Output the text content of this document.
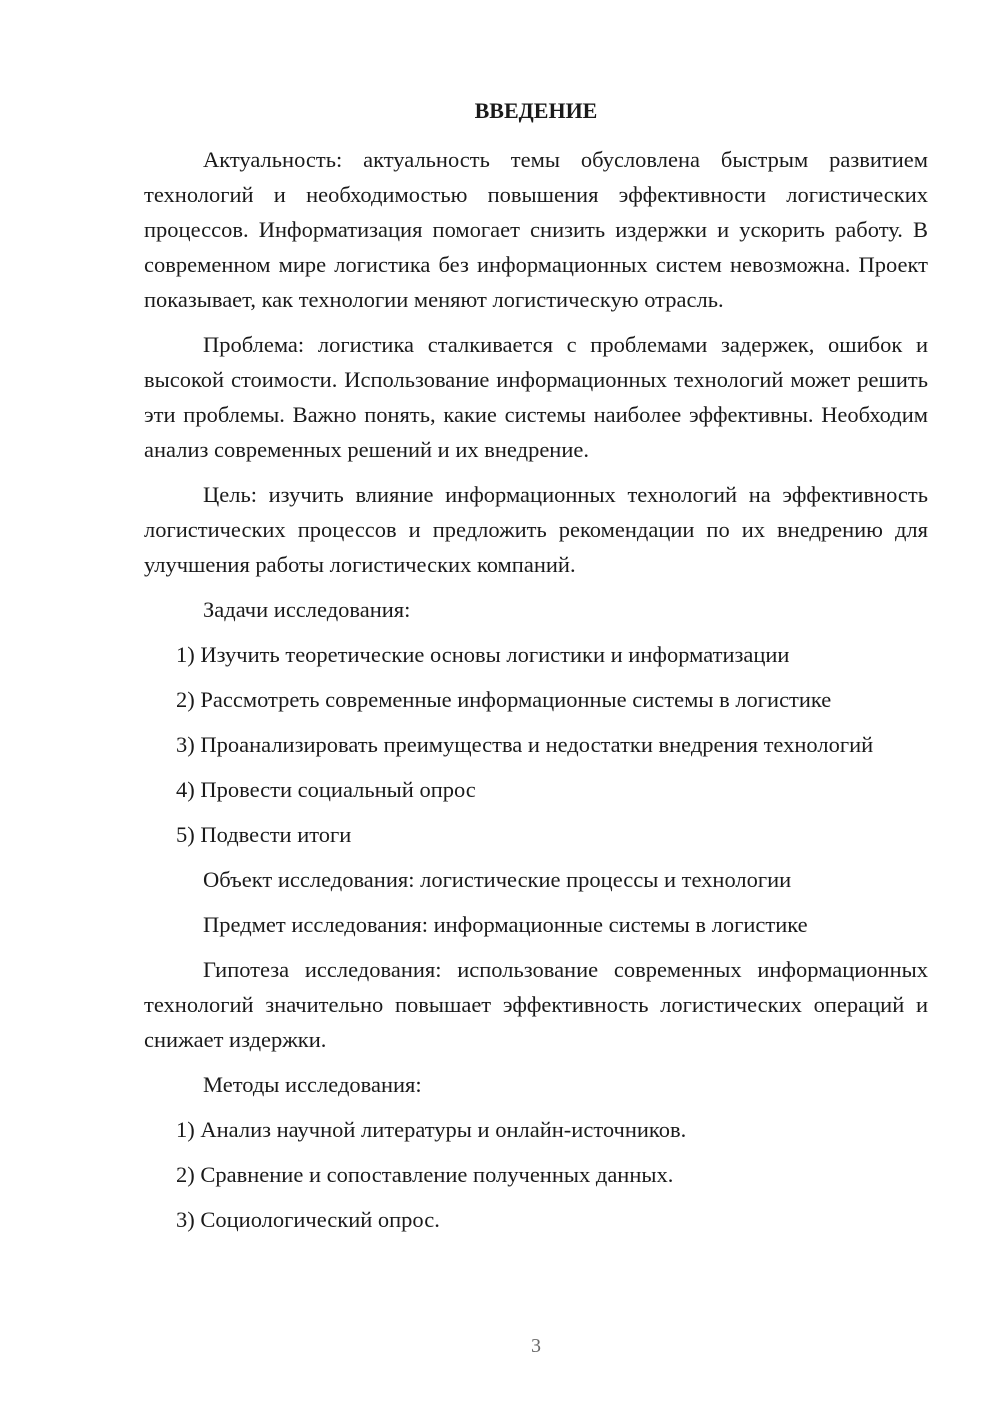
ВВЕДЕНИЕ

Актуальность: актуальность темы обусловлена быстрым развитием технологий и необходимостью повышения эффективности логистических процессов. Информатизация помогает снизить издержки и ускорить работу. В современном мире логистика без информационных систем невозможна. Проект показывает, как технологии меняют логистическую отрасль.

Проблема: логистика сталкивается с проблемами задержек, ошибок и высокой стоимости. Использование информационных технологий может решить эти проблемы. Важно понять, какие системы наиболее эффективны. Необходим анализ современных решений и их внедрение.

Цель: изучить влияние информационных технологий на эффективность логистических процессов и предложить рекомендации по их внедрению для улучшения работы логистических компаний.

Задачи исследования:

1) Изучить теоретические основы логистики и информатизации

2) Рассмотреть современные информационные системы в логистике

3) Проанализировать преимущества и недостатки внедрения технологий

4) Провести социальный опрос

5) Подвести итоги

Объект исследования: логистические процессы и технологии

Предмет исследования: информационные системы в логистике

Гипотеза исследования: использование современных информационных технологий значительно повышает эффективность логистических операций и снижает издержки.

Методы исследования:

1) Анализ научной литературы и онлайн-источников.

2) Сравнение и сопоставление полученных данных.

3) Социологический опрос.

3
